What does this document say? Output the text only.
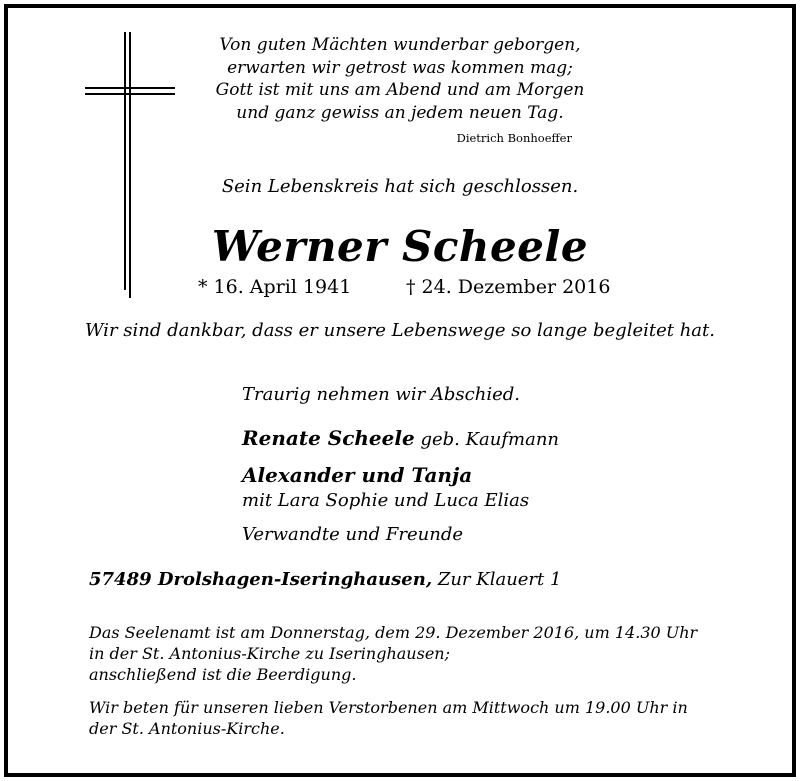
Von guten Mächten wunderbar geborgen,
erwarten wir getrost was kommen mag;
Gott ist mit uns am Abend und am Morgen
und ganz gewiss an jedem neuen Tag.
Dietrich Bonhoeffer
Sein Lebenskreis hat sich geschlossen.
Werner Scheele
* 16. April 1941	† 24. Dezember 2016
Wir sind dankbar, dass er unsere Lebenswege so lange begleitet hat.
Traurig nehmen wir Abschied.
Renate Scheele geb. Kaufmann
Alexander und Tanja
mit Lara Sophie und Luca Elias
Verwandte und Freunde
57489 Drolshagen-Iseringhausen, Zur Klauert 1
Das Seelenamt ist am Donnerstag, dem 29. Dezember 2016, um 14.30 Uhr
in der St. Antonius-Kirche zu Iseringhausen;
anschließend ist die Beerdigung.
Wir beten für unseren lieben Verstorbenen am Mittwoch um 19.00 Uhr in
der St. Antonius-Kirche.
